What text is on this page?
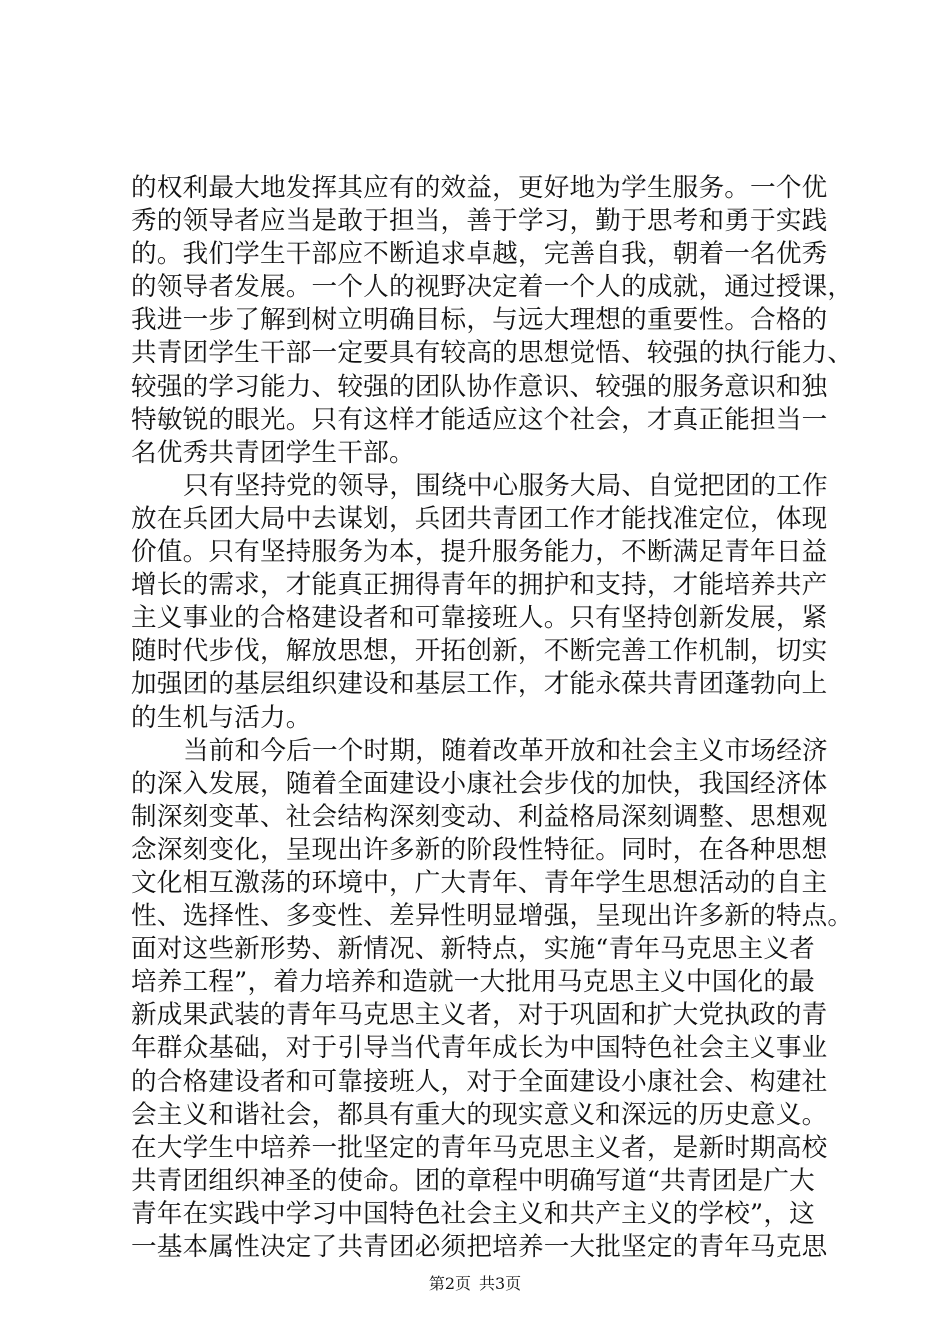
的权利最大地发挥其应有的效益，更好地为学生服务。一个优
秀的领导者应当是敢于担当，善于学习，勤于思考和勇于实践
的。我们学生干部应不断追求卓越，完善自我，朝着一名优秀
的领导者发展。一个人的视野决定着一个人的成就，通过授课，
我进一步了解到树立明确目标，与远大理想的重要性。合格的
共青团学生干部一定要具有较高的思想觉悟、较强的执行能力、
较强的学习能力、较强的团队协作意识、较强的服务意识和独
特敏锐的眼光。只有这样才能适应这个社会，才真正能担当一
名优秀共青团学生干部。

只有坚持党的领导，围绕中心服务大局、自觉把团的工作
放在兵团大局中去谋划，兵团共青团工作才能找准定位，体现
价值。只有坚持服务为本，提升服务能力，不断满足青年日益
增长的需求，才能真正拥得青年的拥护和支持，才能培养共产
主义事业的合格建设者和可靠接班人。只有坚持创新发展，紧
随时代步伐，解放思想，开拓创新，不断完善工作机制，切实
加强团的基层组织建设和基层工作，才能永葆共青团蓬勃向上
的生机与活力。

当前和今后一个时期，随着改革开放和社会主义市场经济
的深入发展，随着全面建设小康社会步伐的加快，我国经济体
制深刻变革、社会结构深刻变动、利益格局深刻调整、思想观
念深刻变化，呈现出许多新的阶段性特征。同时，在各种思想
文化相互激荡的环境中，广大青年、青年学生思想活动的自主
性、选择性、多变性、差异性明显增强，呈现出许多新的特点。
面对这些新形势、新情况、新特点，实施“青年马克思主义者
培养工程”，着力培养和造就一大批用马克思主义中国化的最
新成果武装的青年马克思主义者，对于巩固和扩大党执政的青
年群众基础，对于引导当代青年成长为中国特色社会主义事业
的合格建设者和可靠接班人，对于全面建设小康社会、构建社
会主义和谐社会，都具有重大的现实意义和深远的历史意义。
在大学生中培养一批坚定的青年马克思主义者，是新时期高校
共青团组织神圣的使命。团的章程中明确写道“共青团是广大
青年在实践中学习中国特色社会主义和共产主义的学校”，这
一基本属性决定了共青团必须把培养一大批坚定的青年马克思

第2页 共3页
